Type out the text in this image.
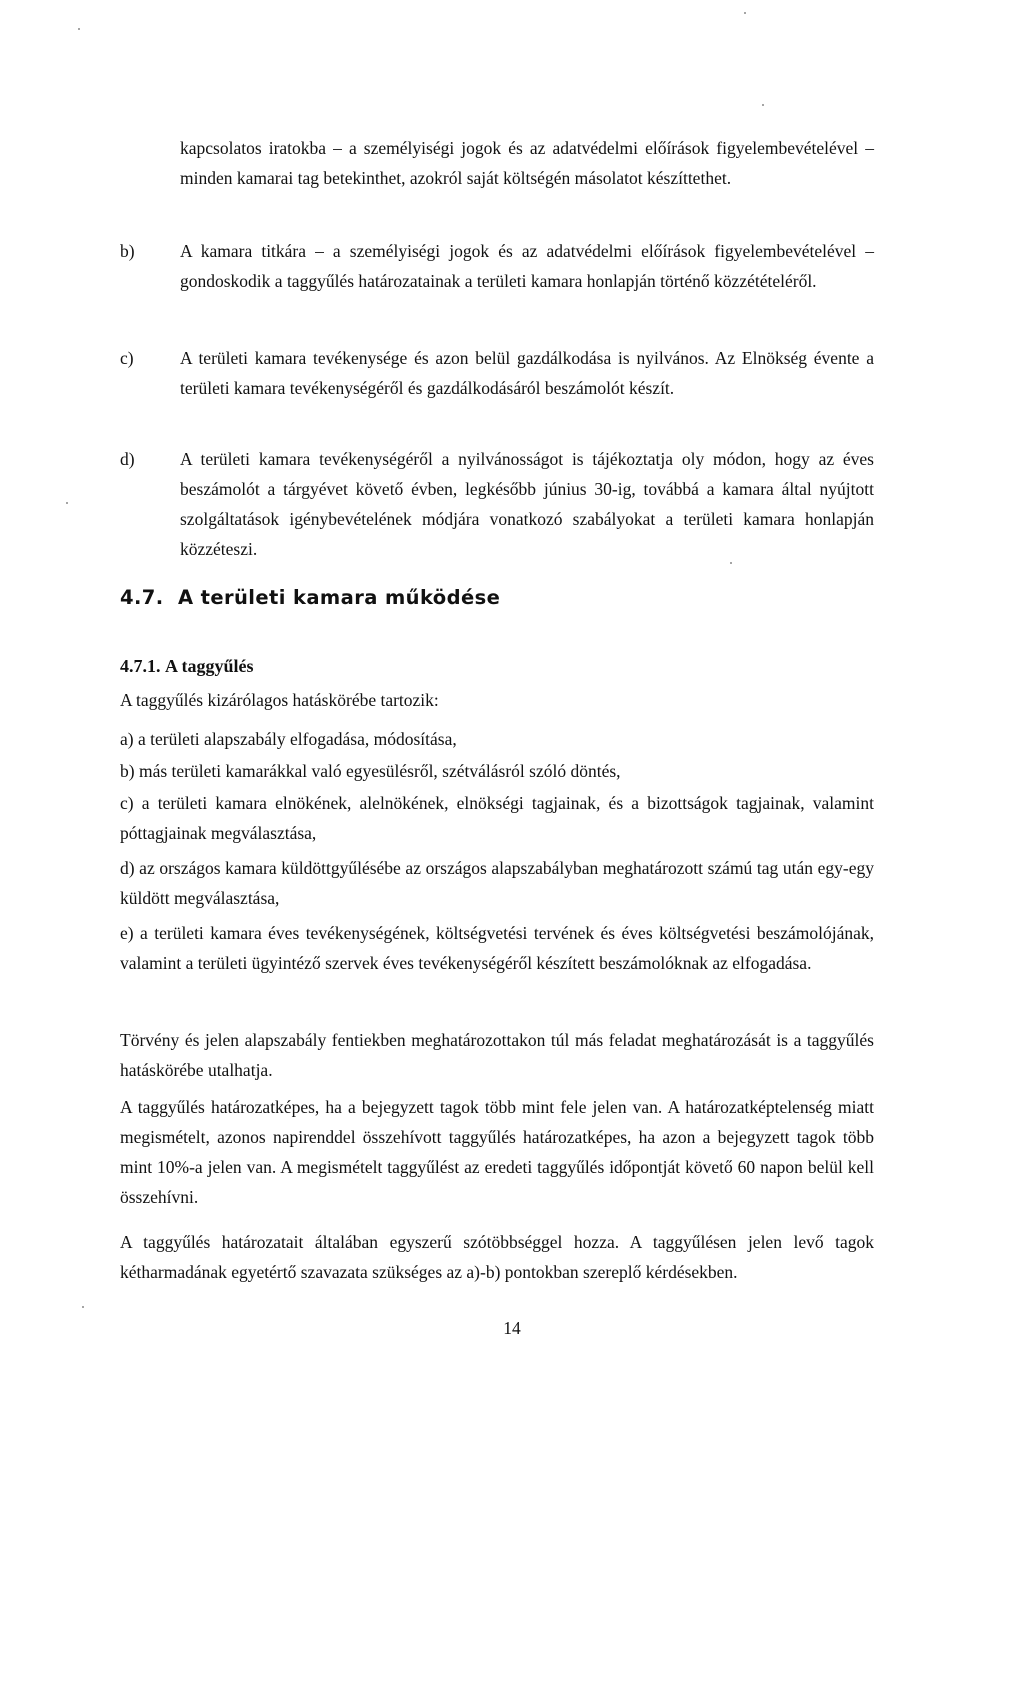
kapcsolatos iratokba – a személyiségi jogok és az adatvédelmi előírások figyelembevételével – minden kamarai tag betekinthet, azokról saját költségén másolatot készíttethet.
b)	A kamara titkára – a személyiségi jogok és az adatvédelmi előírások figyelembevételével – gondoskodik a taggyűlés határozatainak a területi kamara honlapján történő közzétételéről.
c)	A területi kamara tevékenysége és azon belül gazdálkodása is nyilvános. Az Elnökség évente a területi kamara tevékenységéről és gazdálkodásáról beszámolót készít.
d)	A területi kamara tevékenységéről a nyilvánosságot is tájékoztatja oly módon, hogy az éves beszámolót a tárgyévet követő évben, legkésőbb június 30-ig, továbbá a kamara által nyújtott szolgáltatások igénybevételének módjára vonatkozó szabályokat a területi kamara honlapján közzéteszi.
4.7. A területi kamara működése
4.7.1. A taggyűlés
A taggyűlés kizárólagos hatáskörébe tartozik:
a) a területi alapszabály elfogadása, módosítása,
b) más területi kamarákkal való egyesülésről, szétválásról szóló döntés,
c) a területi kamara elnökének, alelnökének, elnökségi tagjainak, és a bizottságok tagjainak, valamint póttagjainak megválasztása,
d) az országos kamara küldöttgyűlésébe az országos alapszabályban meghatározott számú tag után egy-egy küldött megválasztása,
e) a területi kamara éves tevékenységének, költségvetési tervének és éves költségvetési beszámolójának, valamint a területi ügyintéző szervek éves tevékenységéről készített beszámolóknak az elfogadása.
Törvény és jelen alapszabály fentiekben meghatározottakon túl más feladat meghatározását is a taggyűlés hatáskörébe utalhatja.
A taggyűlés határozatképes, ha a bejegyzett tagok több mint fele jelen van. A határozatképtelenség miatt megismételt, azonos napirenddel összehívott taggyűlés határozatképes, ha azon a bejegyzett tagok több mint 10%-a jelen van. A megismételt taggyűlést az eredeti taggyűlés időpontját követő 60 napon belül kell összehívni.
A taggyűlés határozatait általában egyszerű szótöbbséggel hozza. A taggyűlésen jelen levő tagok kétharmadának egyetértő szavazata szükséges az a)-b) pontokban szereplő kérdésekben.
14
